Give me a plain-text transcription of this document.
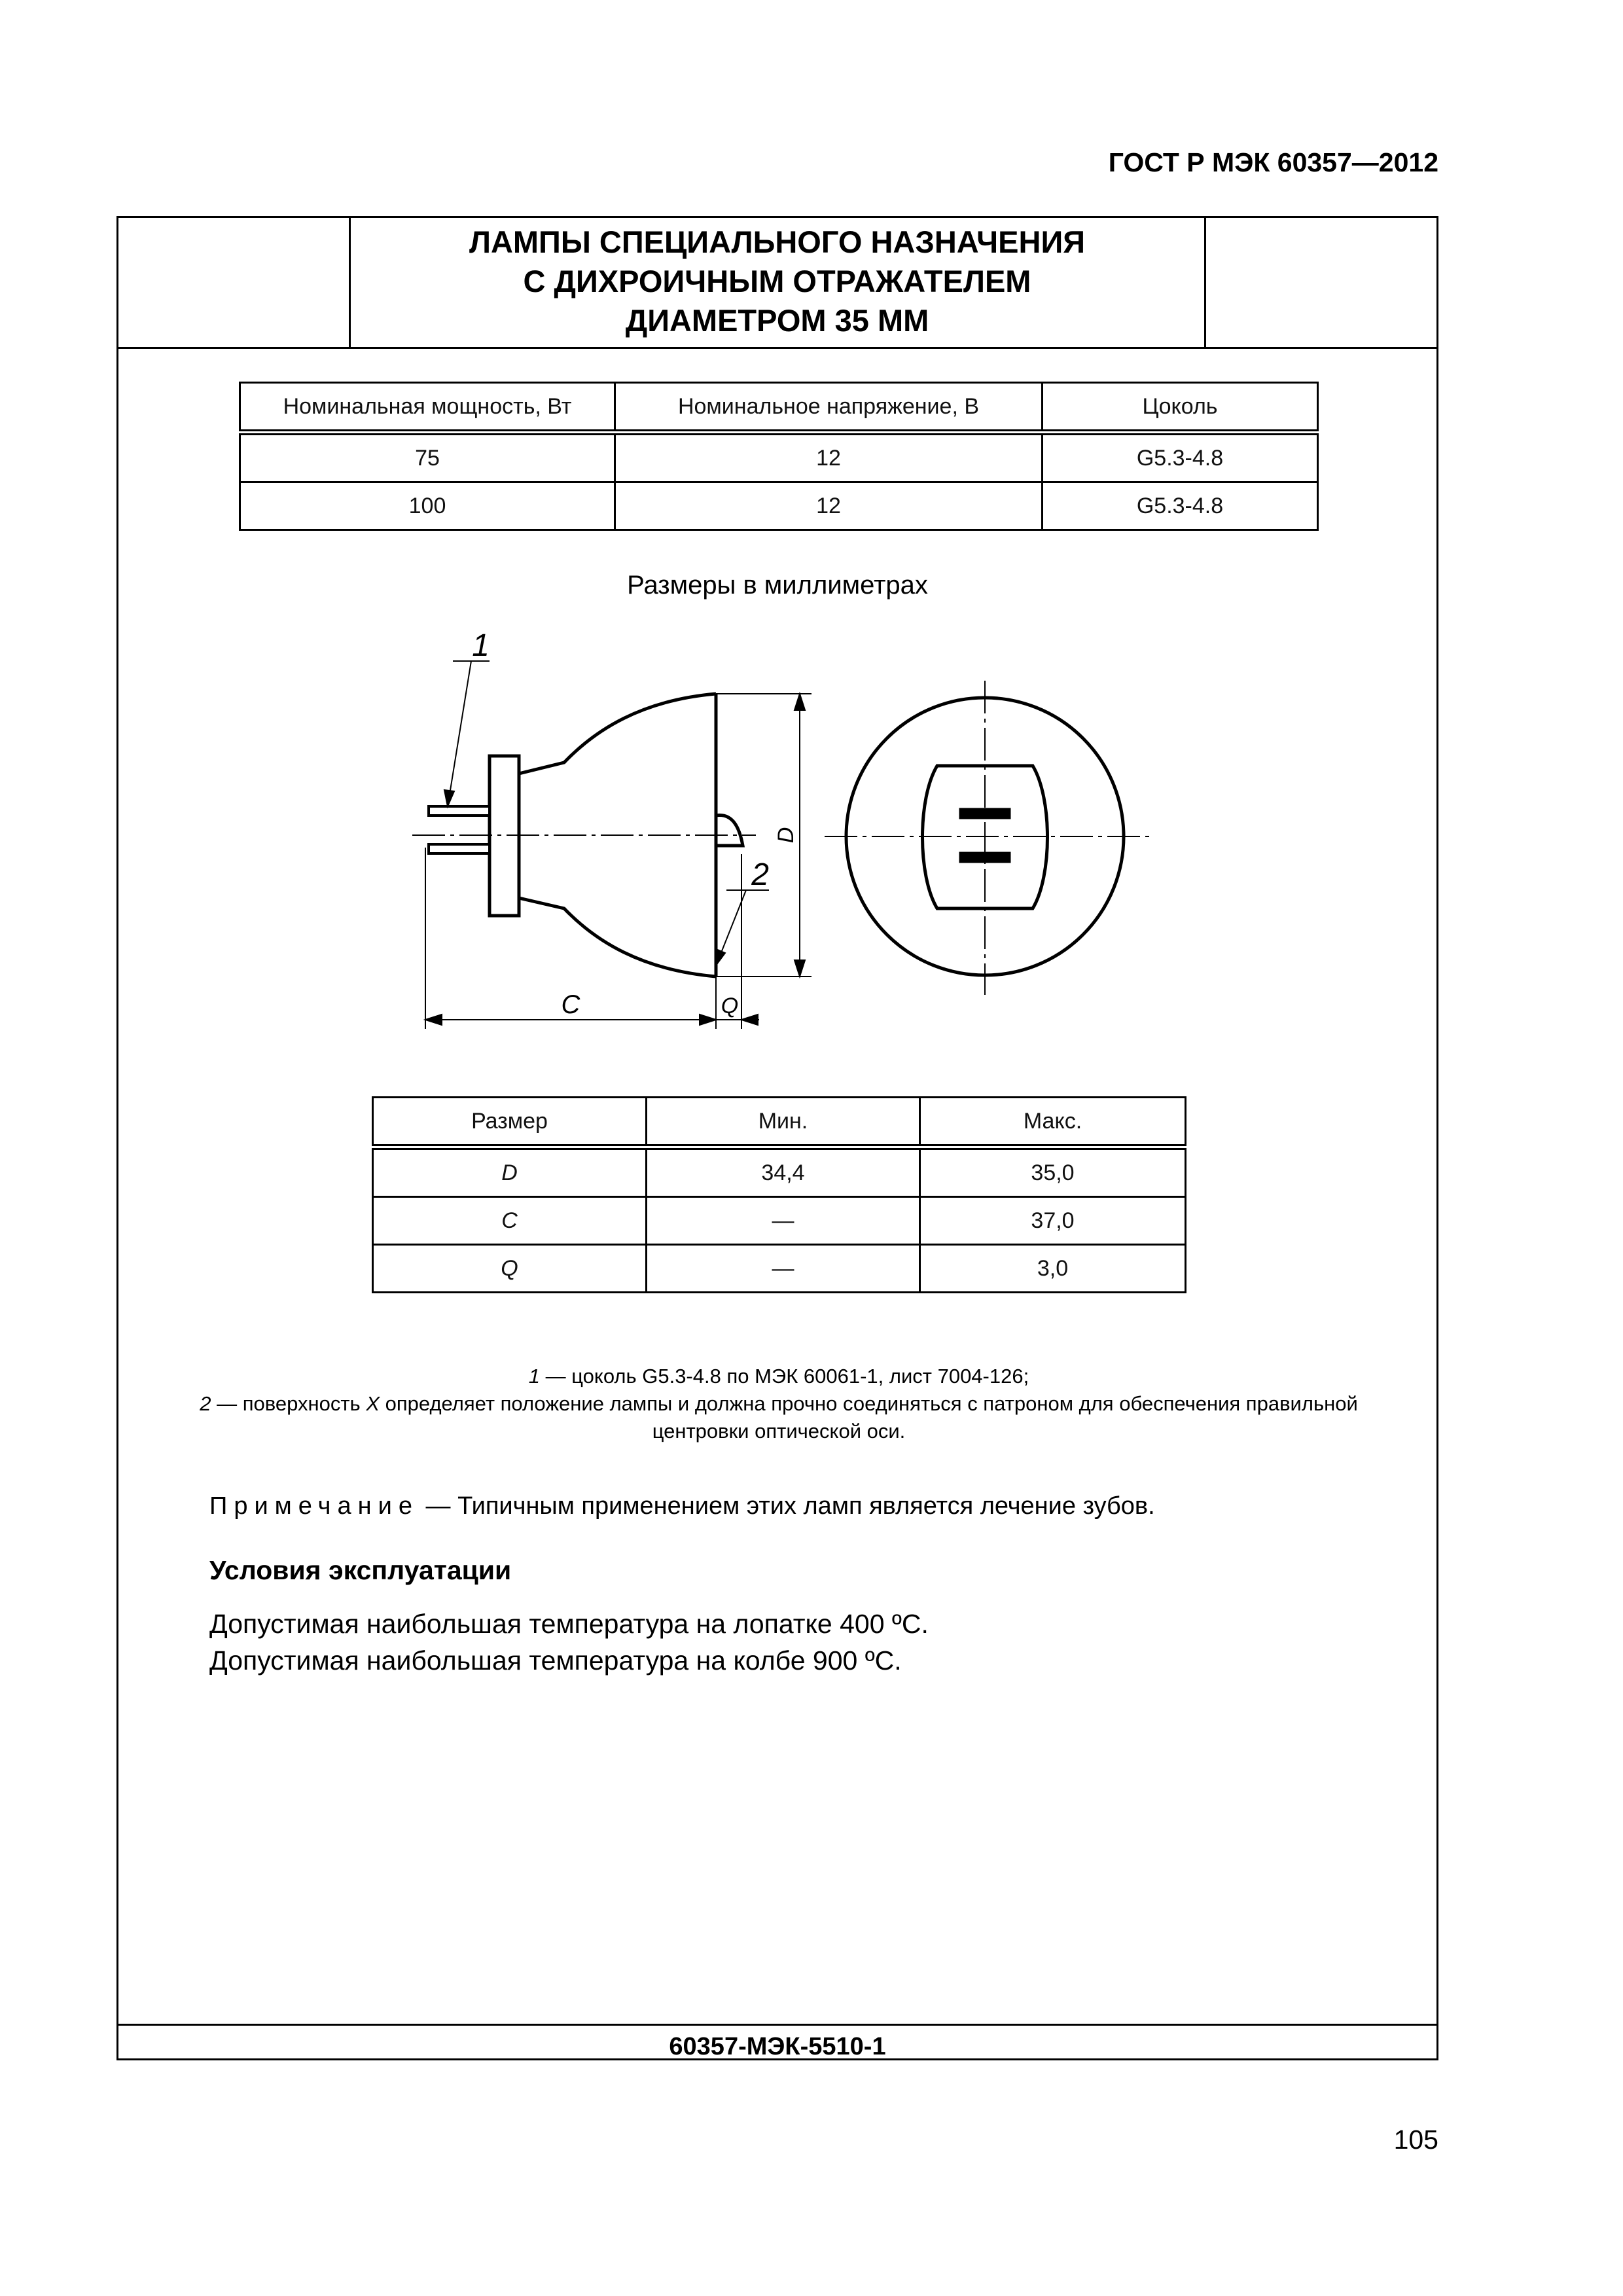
ГОСТ Р МЭК 60357—2012
ЛАМПЫ СПЕЦИАЛЬНОГО НАЗНАЧЕНИЯ
С ДИХРОИЧНЫМ ОТРАЖАТЕЛЕМ
ДИАМЕТРОМ 35 ММ
Номинальная мощность, Вт	Номинальное напряжение, В	Цоколь
75	12	G5.3-4.8
100	12	G5.3-4.8
Размеры в миллиметрах
1
2
D
C	Q
Размер	Мин.	Макс.
D	34,4	35,0
C	—	37,0
Q	—	3,0
1 — цоколь G5.3-4.8 по МЭК 60061-1, лист 7004-126;
2 — поверхность X определяет положение лампы и должна прочно соединяться с патроном для обеспечения правильной
центровки оптической оси.
Примечание — Типичным применением этих ламп является лечение зубов.
Условия эксплуатации
Допустимая наибольшая температура на лопатке 400 ºС.
Допустимая наибольшая температура на колбе 900 ºС.
60357-МЭК-5510-1
105
